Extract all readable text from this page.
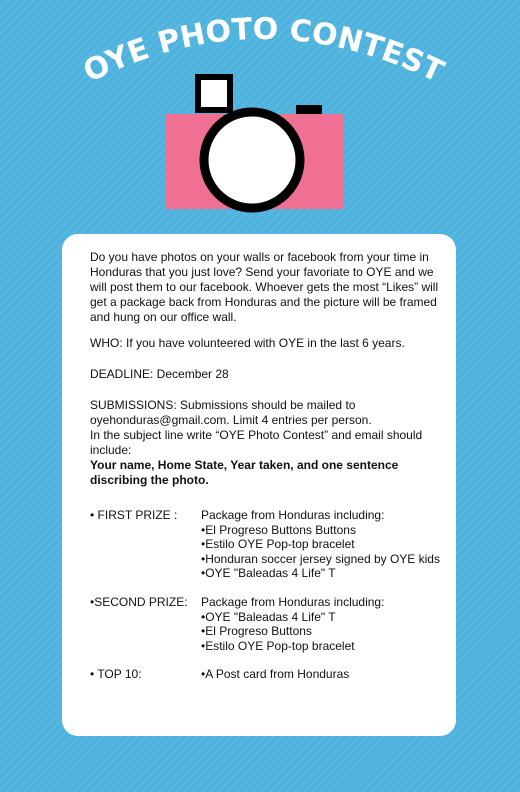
OYE PHOTO CONTEST

Do you have photos on your walls or facebook from your time in Honduras that you just love? Send your favoriate to OYE and we will post them to our facebook. Whoever gets the most “Likes” will get a package back from Honduras and the picture will be framed and hung on our office wall.

WHO: If you have volunteered with OYE in the last 6 years.

DEADLINE: December 28

SUBMISSIONS: Submissions should be mailed to

oyehonduras@gmail.com. Limit 4 entries per person.

In the subject line write “OYE Photo Contest” and email should include:

Your name, Home State, Year taken, and one sentence discribing the photo.

• FIRST PRIZE :	Package from Honduras including:
•El Progreso Buttons Buttons
•Estilo OYE Pop-top bracelet
•Honduran soccer jersey signed by OYE kids
•OYE "Baleadas 4 Life" T
•SECOND PRIZE:	Package from Honduras including:
•OYE "Baleadas 4 Life" T
•El Progreso Buttons
•Estilo OYE Pop-top bracelet
• TOP 10:	•A Post card from Honduras
